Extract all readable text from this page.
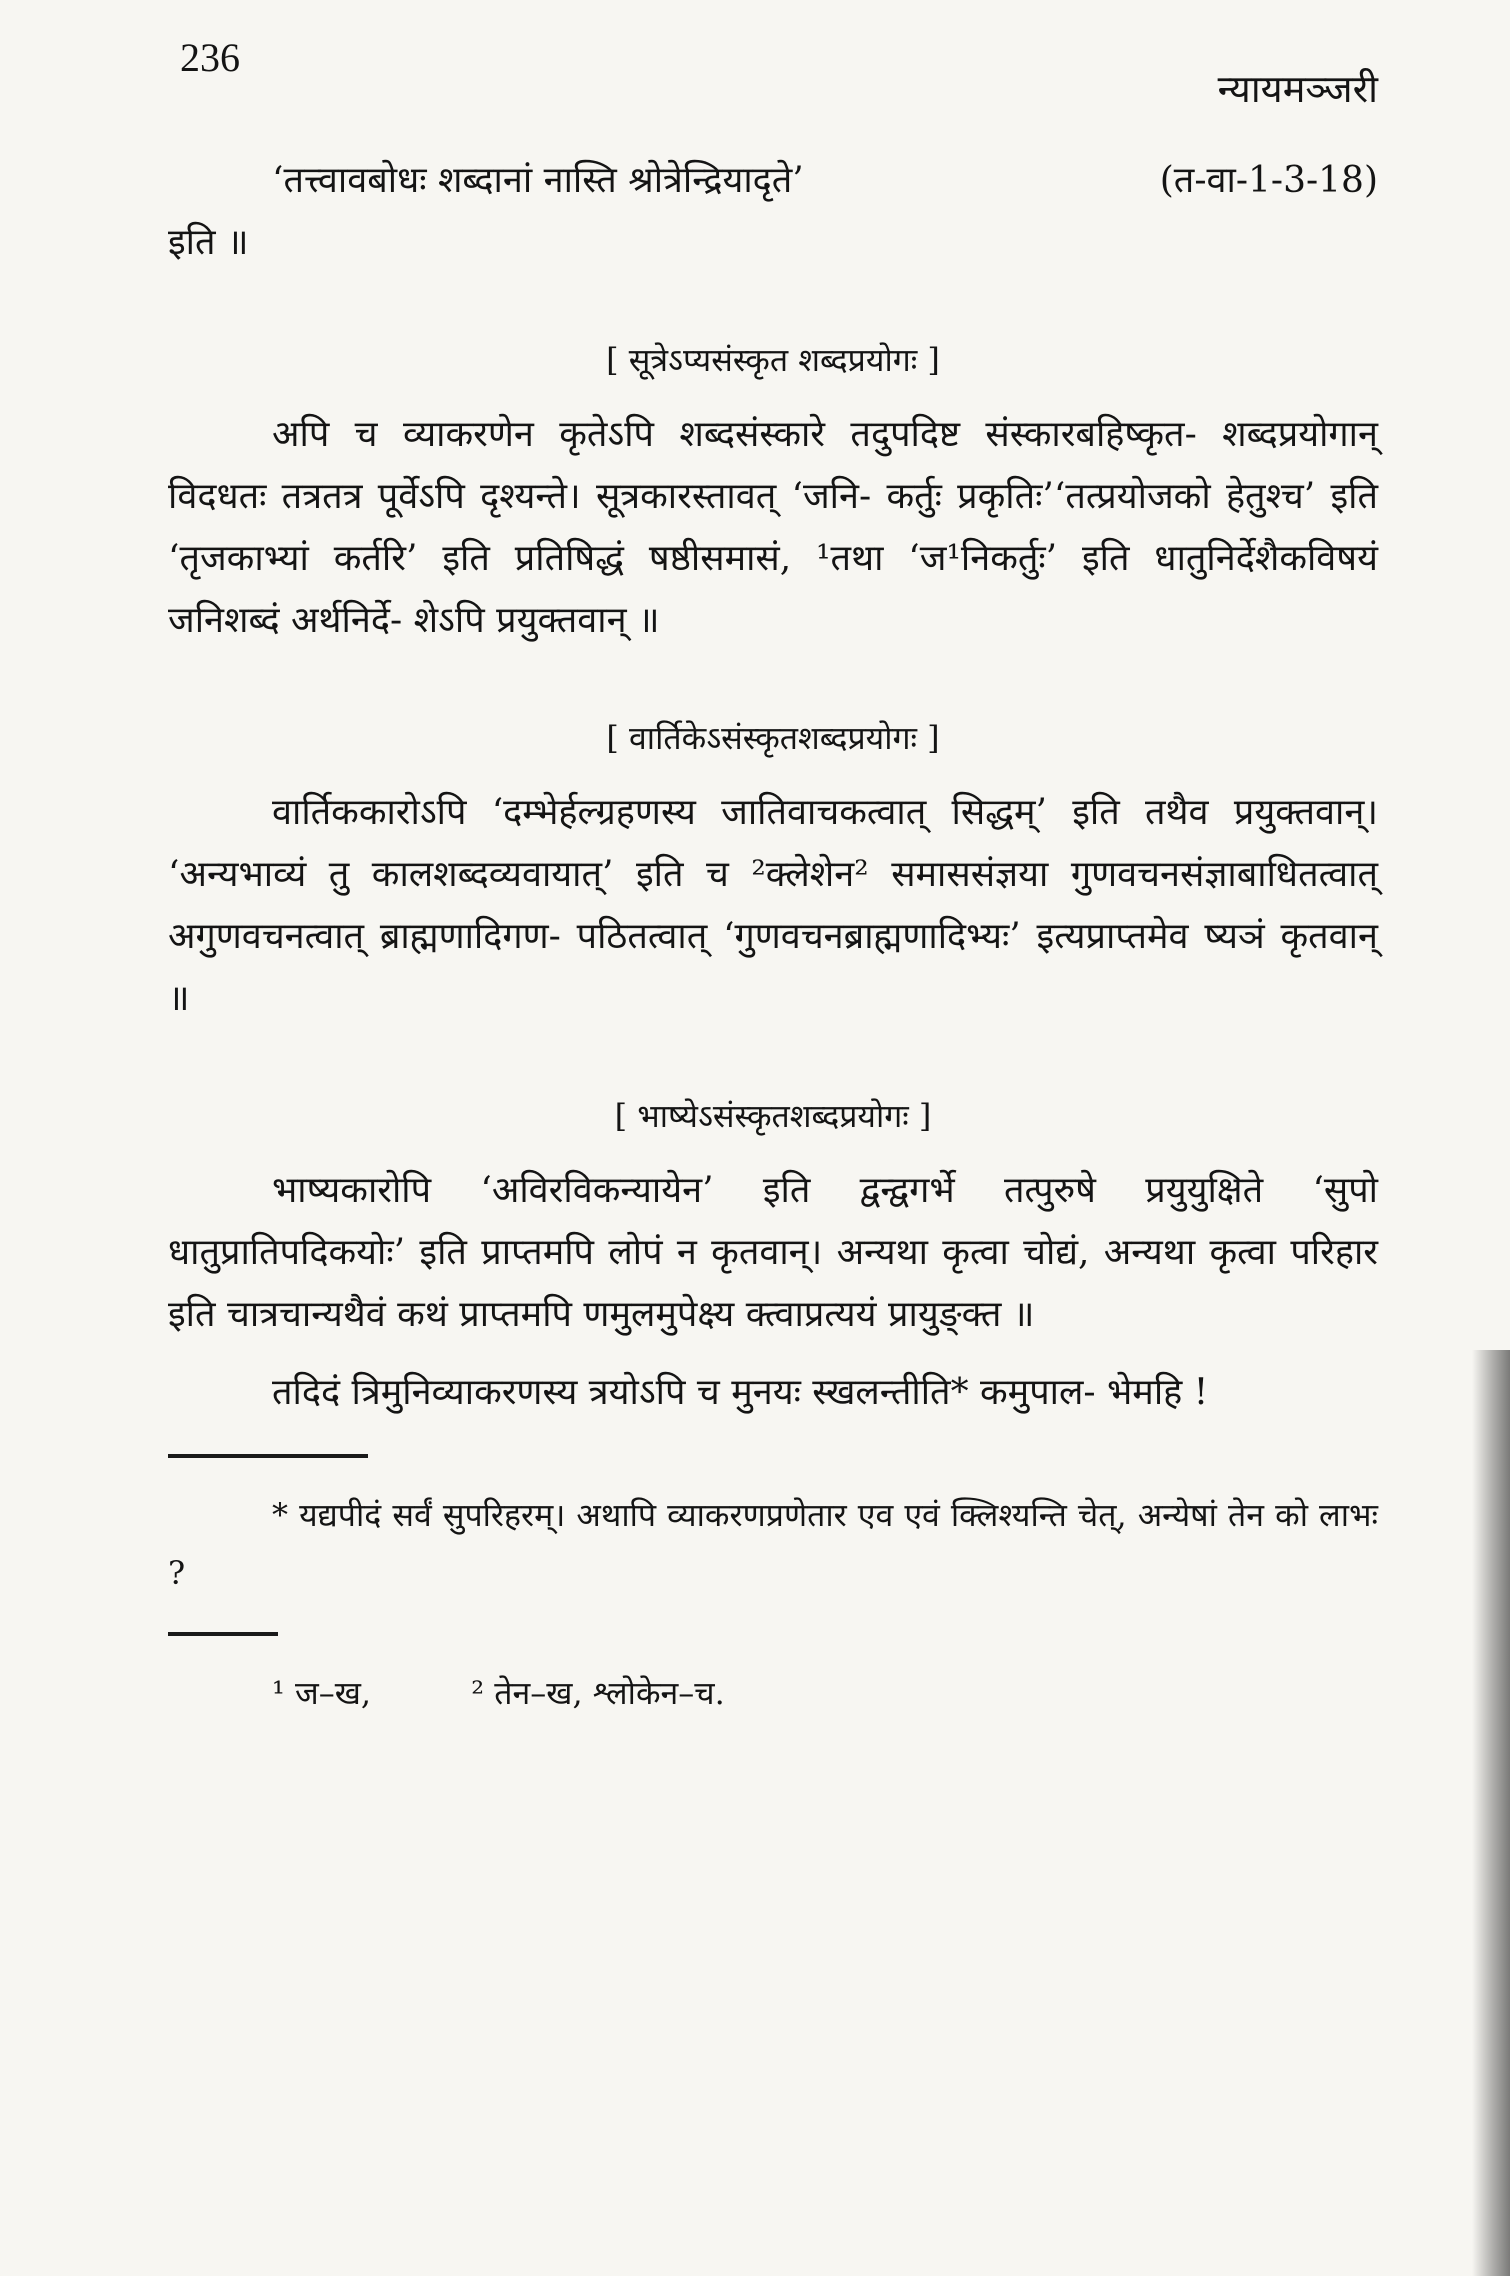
236
न्यायमञ्जरी
‘तत्त्वावबोधः शब्दानां नास्ति श्रोत्रेन्द्रियादृते’	(त-वा-1-3-18)
इति ॥
[ सूत्रेऽप्यसंस्कृत शब्दप्रयोगः ]

अपि च व्याकरणेन कृतेऽपि शब्दसंस्कारे तदुपदिष्ट संस्कारबहिष्कृत- शब्दप्रयोगान् विदधतः तत्रतत्र पूर्वेऽपि दृश्यन्ते। सूत्रकारस्तावत् ‘जनि- कर्तुः प्रकृतिः’‘तत्प्रयोजको हेतुश्च’ इति ‘तृजकाभ्यां कर्तरि’ इति प्रतिषिद्धं षष्ठीसमासं, ¹तथा ‘ज¹निकर्तुः’ इति धातुनिर्देशैकविषयं जनिशब्दं अर्थनिर्दे- शेऽपि प्रयुक्तवान् ॥

[ वार्तिकेऽसंस्कृतशब्दप्रयोगः ]

वार्तिककारोऽपि ‘दम्भेर्हल्ग्रहणस्य जातिवाचकत्वात् सिद्धम्’ इति तथैव प्रयुक्तवान्। ‘अन्यभाव्यं तु कालशब्दव्यवायात्’ इति च ²क्लेशेन² समाससंज्ञया गुणवचनसंज्ञाबाधितत्वात् अगुणवचनत्वात् ब्राह्मणादिगण- पठितत्वात् ‘गुणवचनब्राह्मणादिभ्यः’ इत्यप्राप्तमेव ष्यञं कृतवान् ॥

[ भाष्येऽसंस्कृतशब्दप्रयोगः ]

भाष्यकारोपि ‘अविरविकन्यायेन’ इति द्वन्द्वगर्भे तत्पुरुषे प्रयुयुक्षिते ‘सुपो धातुप्रातिपदिकयोः’ इति प्राप्तमपि लोपं न कृतवान्। अन्यथा कृत्वा चोद्यं, अन्यथा कृत्वा परिहार इति चात्रचान्यथैवं कथं प्राप्तमपि णमुलमुपेक्ष्य क्त्वाप्रत्ययं प्रायुङ्क्त ॥

तदिदं त्रिमुनिव्याकरणस्य त्रयोऽपि च मुनयः स्खलन्तीति* कमुपाल- भेमहि !

* यद्यपीदं सर्वं सुपरिहरम्। अथापि व्याकरणप्रणेतार एव एवं क्लिश्यन्ति चेत्, अन्येषां तेन को लाभः ?

¹ ज–ख,	² तेन–ख, श्लोकेन–च.
